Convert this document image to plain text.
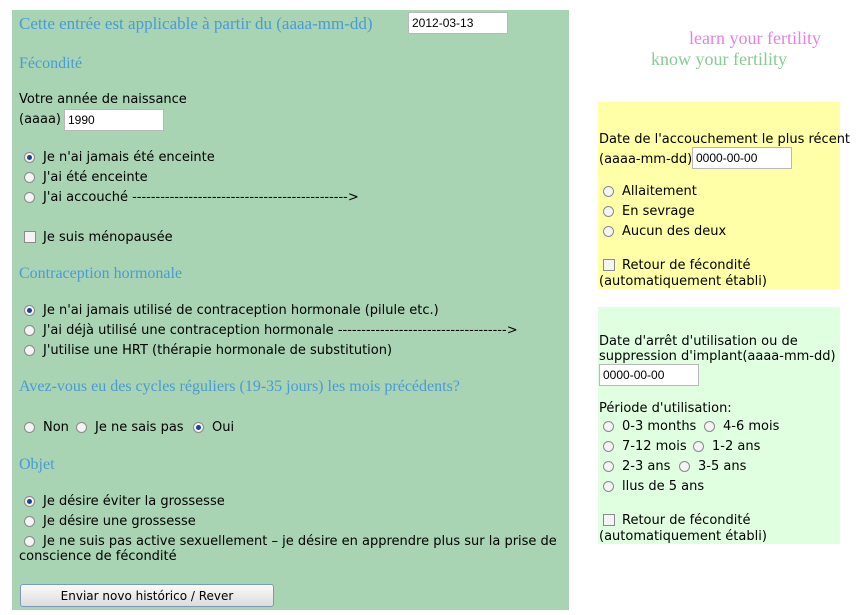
Cette entrée est applicable à partir du (aaaa-mm-dd)
2012-03-13
Fécondité
Votre année de naissance
(aaaa)
1990
Je n'ai jamais été enceinte
J'ai été enceinte
J'ai accouché ---------------------------------------------->
Je suis ménopausée
Contraception hormonale
Je n'ai jamais utilisé de contraception hormonale (pilule etc.)
J'ai déjà utilisé une contraception hormonale ------------------------------------>
J'utilise une HRT (thérapie hormonale de substitution)
Avez-vous eu des cycles réguliers (19-35 jours) les mois précédents?
Non Je ne sais pas Oui
Objet
Je désire éviter la grossesse
Je désire une grossesse
Je ne suis pas active sexuellement – je désire en apprendre plus sur la prise de conscience de fécondité
Enviar novo histórico / Rever
learn your fertility
know your fertility
Date de l'accouchement le plus récent
(aaaa-mm-dd)
0000-00-00
Allaitement
En sevrage
Aucun des deux
Retour de fécondité
(automatiquement établi)
Date d'arrêt d'utilisation ou de suppression d'implant(aaaa-mm-dd)
0000-00-00
Période d'utilisation:
0-3 months 4-6 mois
7-12 mois 1-2 ans
2-3 ans 3-5 ans
llus de 5 ans
Retour de fécondité
(automatiquement établi)
